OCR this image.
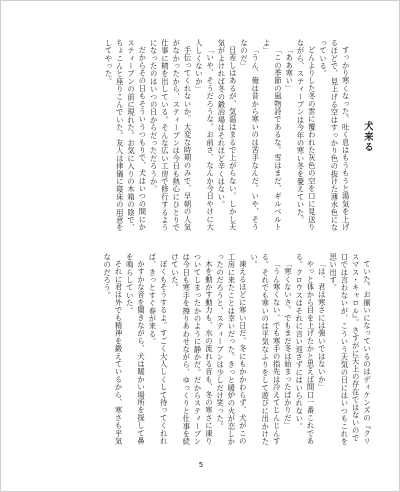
犬来る

すっかり寒くなった。吐く息はもうもうと湯気を上げるほどで、見上げる空はすっかり色の抜けた薄水色になっている。

どんよりした冬の雲に覆われた灰色の空を口に見送りながら、スティーブンは今年の寒い冬を憂えていた。

「ああ寒い」

「この季節の風物詩であるな。雪はまだ、ギルベルトよ」

「うん、俺は昔から寒いのは苦手なんだ。いや、そうなのだ」

日差しはあるが、気温はまるで上がらない。しかし天気がよければ冬の鍛冶場はそれほど辛くはない。

「いや、そうだろうな。お前さ、なんか今日やけに大人しくないか」

手伝ってくれないか。大変な時期のみで、早朝の人気がなかったから、スティーブンは今日も熱心にひとりで仕事に精を出している。そんな広い工房で修行するようになったのはいつの日からだっただろうか。

だからその日もそういうつもりで、犬はいつの間にかスティーブンの前に現れた。お気に入りの木箱の陰で、ちょこんと座りこんでいた。友人は律儀に寝床の用意をしてやった。

ていた。お揃いになっているのはディケンズの『クリスマス・キャロル』。さすがに天上の存在ではないので口では言わないが、こういう天気の日にはいつもこれを思い出す。

「は、君は寒さには強いではないか」

やっと体から目を上げたかと思えば開口一番これである。クロウスはそれに言い返さずにはいられない。

「寒くないさ。でもまだ冬は始まったばかりだ」

「うん寒くない。でも寒手の指先は冷えてじんじんする。それでも寒いのは平気なふりをして遊びに出かけたい。

凍えるほどに寒い日だ。冬にもかかわらず、犬がこの工房に来たことは幸いだった。きっと暖炉の火が恋しかったのだろうと、スティーブンは少しだけ笑った。

木を動かす動力も、水の流れる音も、冬の寒さに凍りついてしまったかのように静かだ。だからスティーブンは今日も寒手を擦りあわせながら、ゆっくりと仕事を続けていた。

ぼくもそうするよ。すごく大人しくして待ってくれれば、きっとすぐ春が来る。

かすかな音を聞きながら、犬は暖かい場所を探して鼻を鳴らしていた。

それに君は外でも精神を鍛えているから、寒さも平気なのだろう。

5
